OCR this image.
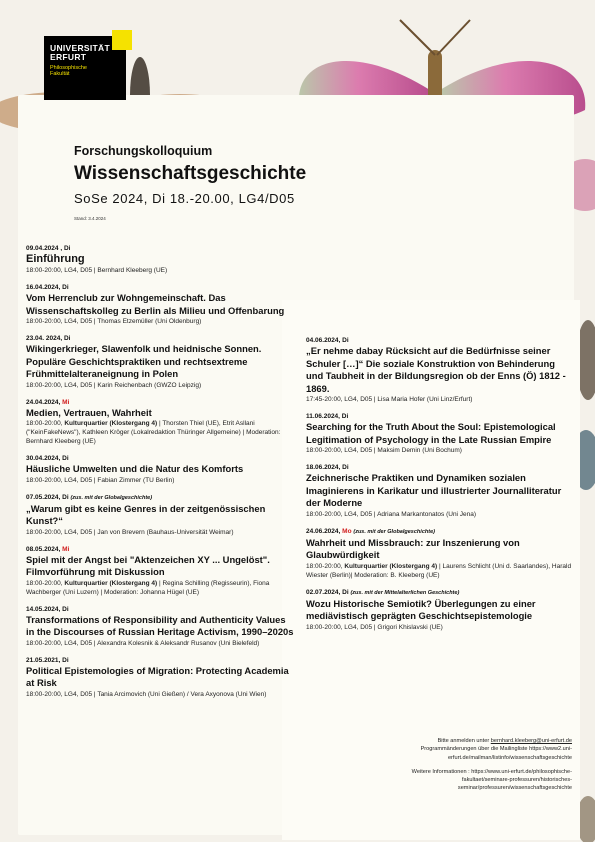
UNIVERSITÄT
ERFURT
Philosophische
Fakultät
Forschungskolloquium
Wissenschaftsgeschichte
SoSe 2024, Di 18.-20.00, LG4/D05
Stand: 3.4.2024
09.04.2024 , Di
Einführung
18:00-20:00, LG4, D05 | Bernhard Kleeberg (UE)
16.04.2024, Di
Vom Herrenclub zur Wohngemeinschaft. Das Wissenschaftskolleg zu Berlin als Milieu und Offenbarung
18:00-20:00, LG4, D05 | Thomas Etzemüller (Uni Oldenburg)
23.04. 2024, Di
Wikingerkrieger, Slawenfolk und heidnische Sonnen. Populäre Geschichtspraktiken und rechtsextreme Frühmittelalteraneignung in Polen
18:00-20:00, LG4, D05 | Karin Reichenbach (GWZO Leipzig)
24.04.2024, Mi
Medien, Vertrauen, Wahrheit
18:00-20:00, Kulturquartier (Klostergang 4) | Thorsten Thiel (UE), Etrit Asllani ("KeinFakeNews"), Kathleen Kröger (Lokalredaktion Thüringer Allgemeine) | Moderation: Bernhard Kleeberg (UE)
30.04.2024, Di
Häusliche Umwelten und die Natur des Komforts
18:00-20:00, LG4, D05 | Fabian Zimmer (TU Berlin)
07.05.2024, Di (zus. mit der Globalgeschichte)
„Warum gibt es keine Genres in der zeitgenössischen Kunst?“
18:00-20:00, LG4, D05 | Jan von Brevern (Bauhaus-Universität Weimar)
08.05.2024, Mi
Spiel mit der Angst bei "Aktenzeichen XY ... Ungelöst". Filmvorführung mit Diskussion
18:00-20:00, Kulturquartier (Klostergang 4) | Regina Schilling (Regisseurin), Fiona Wachberger (Uni Luzern) | Moderation: Johanna Hügel (UE)
14.05.2024, Di
Transformations of Responsibility and Authenticity Values in the Discourses of Russian Heritage Activism, 1990–2020s
18:00-20:00, LG4, D05 | Alexandra Kolesnik & Aleksandr Rusanov (Uni Bielefeld)
21.05.2021, Di
Political Epistemologies of Migration: Protecting Academia at Risk
18:00-20:00, LG4, D05 | Tania Arcimovich (Uni Gießen) / Vera Axyonova (Uni Wien)
04.06.2024, Di
„Er nehme dabay Rücksicht auf die Bedürfnisse seiner Schuler […]“ Die soziale Konstruktion von Behinderung und Taubheit in der Bildungsregion ob der Enns (Ö) 1812 - 1869.
17:45-20:00, LG4, D05 | Lisa Maria Hofer (Uni Linz/Erfurt)
11.06.2024, Di
Searching for the Truth About the Soul: Epistemological Legitimation of Psychology in the Late Russian Empire
18:00-20:00, LG4, D05 | Maksim Demin (Uni Bochum)
18.06.2024, Di
Zeichnerische Praktiken und Dynamiken sozialen Imaginierens in Karikatur und illustrierter Journalliteratur der Moderne
18:00-20:00, LG4, D05 | Adriana Markantonatos (Uni Jena)
24.06.2024, Mo (zus. mit der Globalgeschichte)
Wahrheit und Missbrauch: zur Inszenierung von Glaubwürdigkeit
18:00-20:00, Kulturquartier (Klostergang 4) | Laurens Schlicht (Uni d. Saarlandes), Harald Wiester (Berlin)| Moderation: B. Kleeberg (UE)
02.07.2024, Di (zus. mit der Mittelalterlichen Geschichte)
Wozu Historische Semiotik? Überlegungen zu einer mediävistisch geprägten Geschichtsepistemologie
18:00-20:00, LG4, D05 | Grigori Khislavski (UE)
Bitte anmelden unter bernhard.kleeberg@uni-erfurt.de
Programmänderungen über die Mailingliste https://www2.uni-
erfurt.de/mailman/listinfo/wissenschaftsgeschichte
Weitere Informationen : https://www.uni-erfurt.de/philosophische-
fakultaet/seminare-professuren/historisches-
seminar/professuren/wissenschaftsgeschichte
